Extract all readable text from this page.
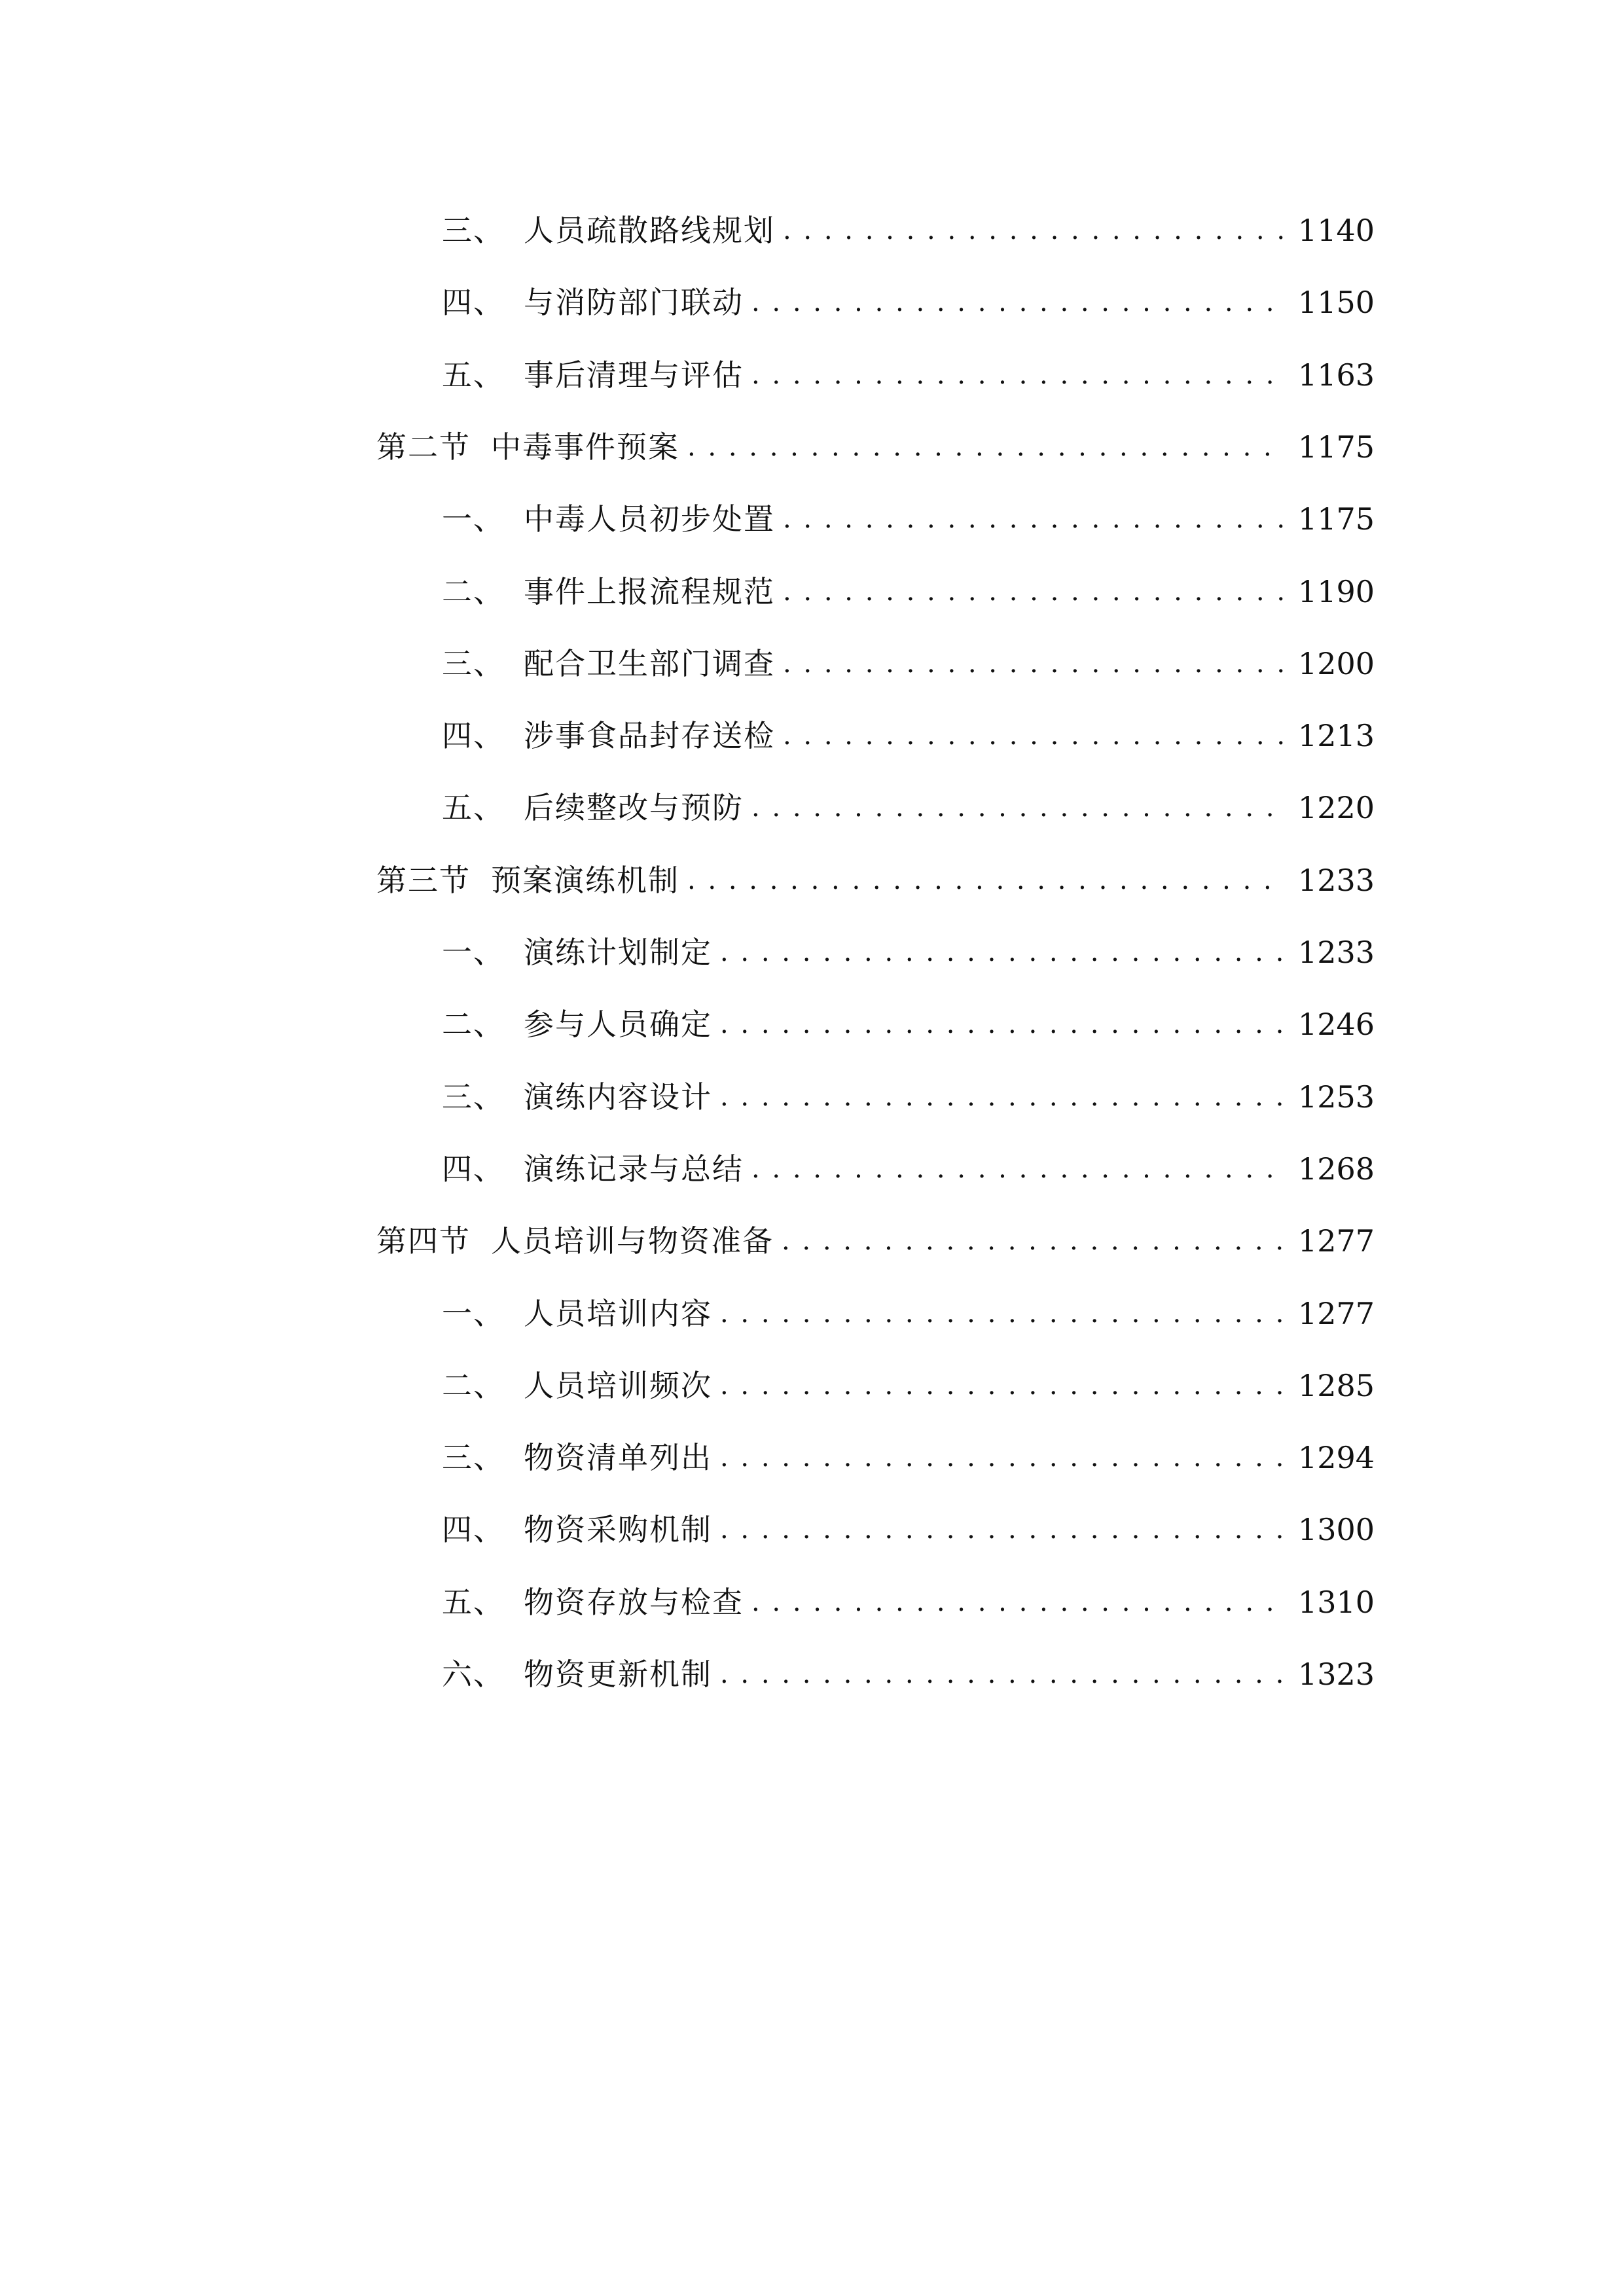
三、 人员疏散路线规划 . . .	1140
四、 与消防部门联动 . . .	1150
五、 事后清理与评估 . . .	1163
第二节 中毒事件预案 . . .	1175
一、 中毒人员初步处置 . . .	1175
二、 事件上报流程规范 . . .	1190
三、 配合卫生部门调查 . . .	1200
四、 涉事食品封存送检 . . .	1213
五、 后续整改与预防 . . .	1220
第三节 预案演练机制 . . .	1233
一、 演练计划制定 . . .	1233
二、 参与人员确定 . . .	1246
三、 演练内容设计 . . .	1253
四、 演练记录与总结 . . .	1268
第四节 人员培训与物资准备 . . .	1277
一、 人员培训内容 . . .	1277
二、 人员培训频次 . . .	1285
三、 物资清单列出 . . .	1294
四、 物资采购机制 . . .	1300
五、 物资存放与检查 . . .	1310
六、 物资更新机制 . . .	1323
